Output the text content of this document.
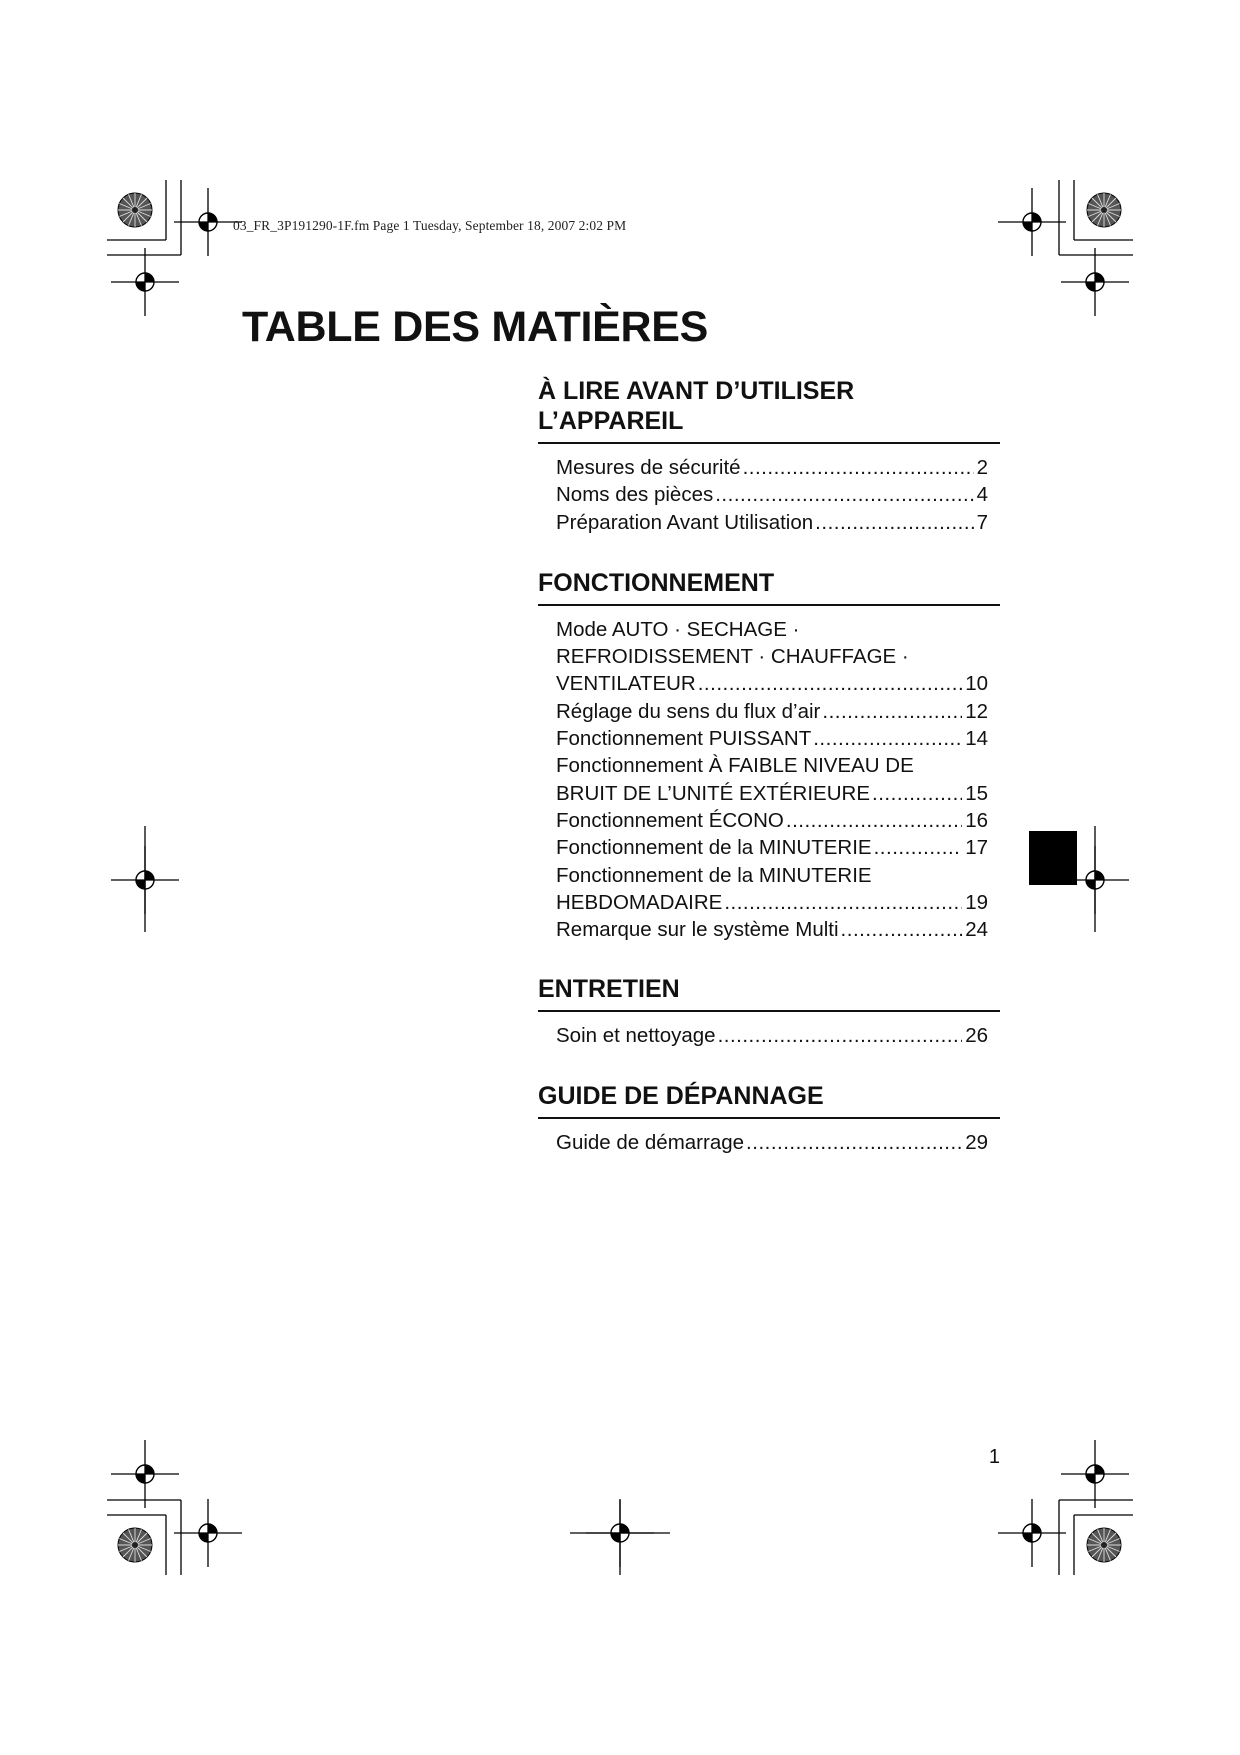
03_FR_3P191290-1F.fm Page 1 Tuesday, September 18, 2007 2:02 PM
TABLE DES MATIÈRES
À LIRE AVANT D’UTILISER
L’APPAREIL
Mesures de sécurité .....	2
Noms des pièces .....	4
Préparation Avant Utilisation .....	7
FONCTIONNEMENT
Mode AUTO · SECHAGE ·
REFROIDISSEMENT · CHAUFFAGE ·
VENTILATEUR .....	10
Réglage du sens du flux d’air .....	12
Fonctionnement PUISSANT .....	14
Fonctionnement À FAIBLE NIVEAU DE
BRUIT DE L’UNITÉ EXTÉRIEURE .....	15
Fonctionnement ÉCONO .....	16
Fonctionnement de la MINUTERIE .....	17
Fonctionnement de la MINUTERIE
HEBDOMADAIRE .....	19
Remarque sur le système Multi .....	24
ENTRETIEN
Soin et nettoyage .....	26
GUIDE DE DÉPANNAGE
Guide de démarrage .....	29
1
